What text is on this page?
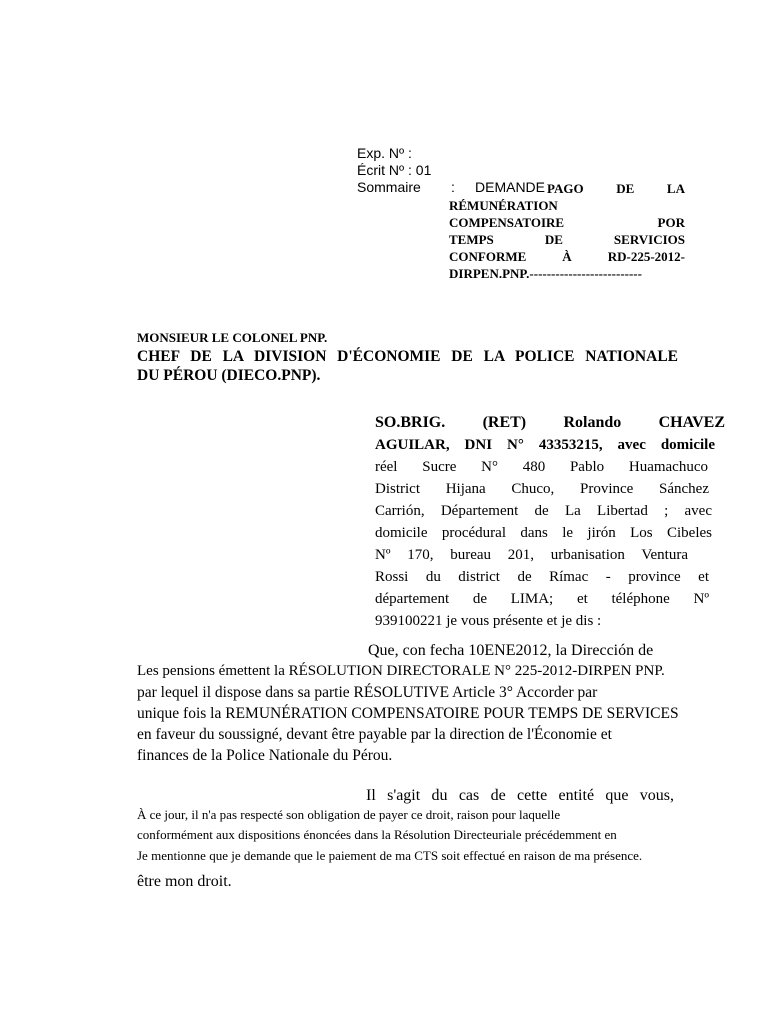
Exp. Nº :
Écrit Nº : 01
Sommaire : DEMANDE PAGO DE LA
RÉMUNÉRATION
COMPENSATOIRE POR
TEMPS DE SERVICIOS
CONFORME À RD-225-2012-
DIRPEN.PNP.--------------------------
MONSIEUR LE COLONEL PNP.
CHEF DE LA DIVISION D'ÉCONOMIE DE LA POLICE NATIONALE
DU PÉROU (DIECO.PNP).
SO.BRIG. (RET) Rolando CHAVEZ
AGUILAR, DNI N° 43353215, avec domicile
réel Sucre N° 480 Pablo Huamachuco
District Hijana Chuco, Province Sánchez
Carrión, Département de La Libertad ; avec
domicile procédural dans le jirón Los Cibeles
Nº 170, bureau 201, urbanisation Ventura
Rossi du district de Rímac - province et
département de LIMA; et téléphone Nº
939100221 je vous présente et je dis :
Que, con fecha 10ENE2012, la Dirección de
Les pensions émettent la RÉSOLUTION DIRECTORALE N° 225-2012-DIRPEN PNP.
par lequel il dispose dans sa partie RÉSOLUTIVE Article 3° Accorder par
unique fois la REMUNÉRATION COMPENSATOIRE POUR TEMPS DE SERVICES
en faveur du soussigné, devant être payable par la direction de l'Économie et
finances de la Police Nationale du Pérou.
Il s'agit du cas de cette entité que vous,
À ce jour, il n'a pas respecté son obligation de payer ce droit, raison pour laquelle
conformément aux dispositions énoncées dans la Résolution Directeuriale précédemment en
Je mentionne que je demande que le paiement de ma CTS soit effectué en raison de ma présence.
être mon droit.
